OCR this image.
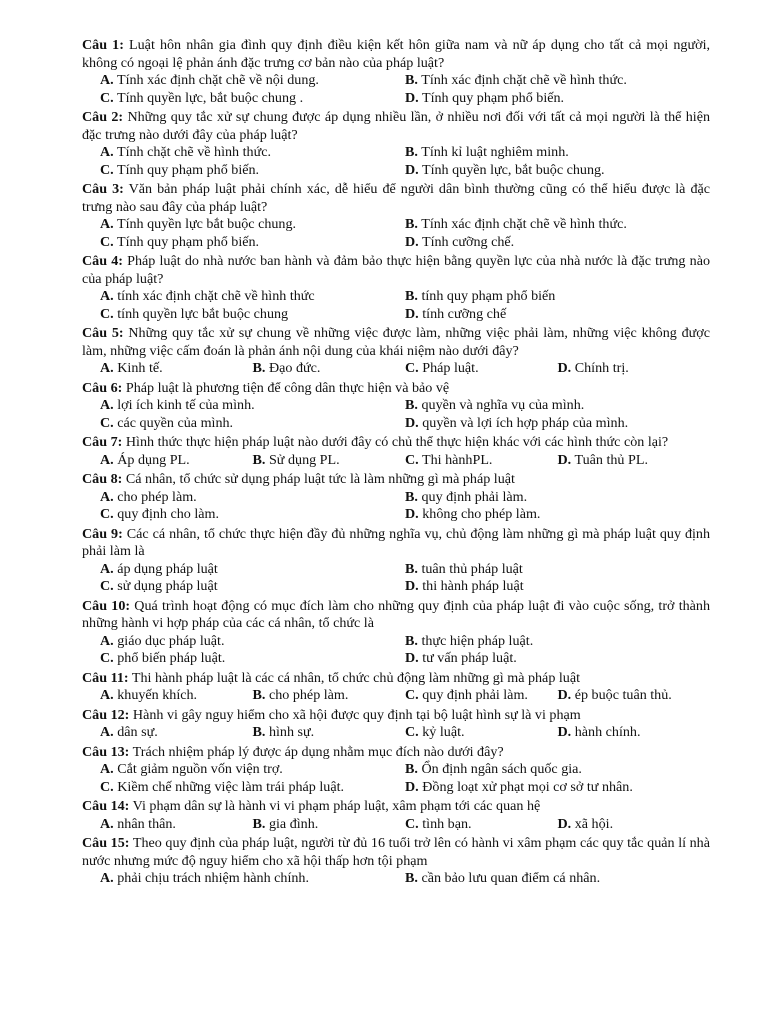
Câu 1: Luật hôn nhân gia đình quy định điều kiện kết hôn giữa nam và nữ áp dụng cho tất cả mọi người, không có ngoại lệ phản ánh đặc trưng cơ bản nào của pháp luật?
A. Tính xác định chặt chẽ về nội dung.	B. Tính xác định chặt chẽ về hình thức.
C. Tính quyền lực, bắt buộc chung .	D. Tính quy phạm phổ biến.
Câu 2: Những quy tắc xử sự chung được áp dụng nhiều lần, ở nhiều nơi đối với tất cả mọi người là thể hiện đặc trưng nào dưới đây của pháp luật?
A. Tính chặt chẽ về hình thức.	B. Tính kỉ luật nghiêm minh.
C. Tính quy phạm phổ biến.	D. Tính quyền lực, bắt buộc chung.
Câu 3: Văn bản pháp luật phải chính xác, dễ hiểu để người dân bình thường cũng có thể hiểu được là đặc trưng nào sau đây của pháp luật?
A. Tính quyền lực bắt buộc chung.	B. Tính xác định chặt chẽ về hình thức.
C. Tính quy phạm phổ biến.	D. Tính cưỡng chế.
Câu 4: Pháp luật do nhà nước ban hành và đảm bảo thực hiện bằng quyền lực của nhà nước là đặc trưng nào của pháp luật?
A. tính xác định chặt chẽ về hình thức	B. tính quy phạm phổ biến
C. tính quyền lực bắt buộc chung	D. tính cưỡng chế
Câu 5: Những quy tắc xử sự chung về những việc được làm, những việc phải làm, những việc không được làm, những việc cấm đoán là phản ánh nội dung của khái niệm nào dưới đây?
A. Kinh tế.	B. Đạo đức.	C. Pháp luật.	D. Chính trị.
Câu 6: Pháp luật là phương tiện để công dân thực hiện và bảo vệ
A. lợi ích kinh tế của mình.	B. quyền và nghĩa vụ của mình.
C. các quyền của mình.	D. quyền và lợi ích hợp pháp của mình.
Câu 7: Hình thức thực hiện pháp luật nào dưới đây có chủ thể thực hiện khác với các hình thức còn lại?
A. Áp dụng PL.	B. Sử dụng PL.	C. Thi hànhPL.	D. Tuân thủ PL.
Câu 8: Cá nhân, tổ chức sử dụng pháp luật tức là làm những gì mà pháp luật
A. cho phép làm.	B. quy định phải làm.
C. quy định cho làm.	D. không cho phép làm.
Câu 9: Các cá nhân, tổ chức thực hiện đầy đủ những nghĩa vụ, chủ động làm những gì mà pháp luật quy định phải làm là
A. áp dụng pháp luật	B. tuân thủ pháp luật
C. sử dụng pháp luật	D. thi hành pháp luật
Câu 10: Quá trình hoạt động có mục đích làm cho những quy định của pháp luật đi vào cuộc sống, trở thành những hành vi hợp pháp của các cá nhân, tổ chức là
A. giáo dục pháp luật.	B. thực hiện pháp luật.
C. phổ biến pháp luật.	D. tư vấn pháp luật.
Câu 11: Thi hành pháp luật là các cá nhân, tổ chức chủ động làm những gì mà pháp luật
A. khuyến khích.	B. cho phép làm.	C. quy định phải làm.	D. ép buộc tuân thủ.
Câu 12: Hành vi gây nguy hiểm cho xã hội được quy định tại bộ luật hình sự là vi phạm
A. dân sự.	B. hình sự.	C. kỷ luật.	D. hành chính.
Câu 13: Trách nhiệm pháp lý được áp dụng nhằm mục đích nào dưới đây?
A. Cắt giảm nguồn vốn viện trợ.	B. Ổn định ngân sách quốc gia.
C. Kiềm chế những việc làm trái pháp luật.	D. Đồng loạt xử phạt mọi cơ sở tư nhân.
Câu 14: Vi phạm dân sự là hành vi vi phạm pháp luật, xâm phạm tới các quan hệ
A. nhân thân.	B. gia đình.	C. tình bạn.	D. xã hội.
Câu 15: Theo quy định của pháp luật, người từ đủ 16 tuổi trở lên có hành vi xâm phạm các quy tắc quản lí nhà nước nhưng mức độ nguy hiểm cho xã hội thấp hơn tội phạm
A. phải chịu trách nhiệm hành chính.	B. cần bảo lưu quan điểm cá nhân.
